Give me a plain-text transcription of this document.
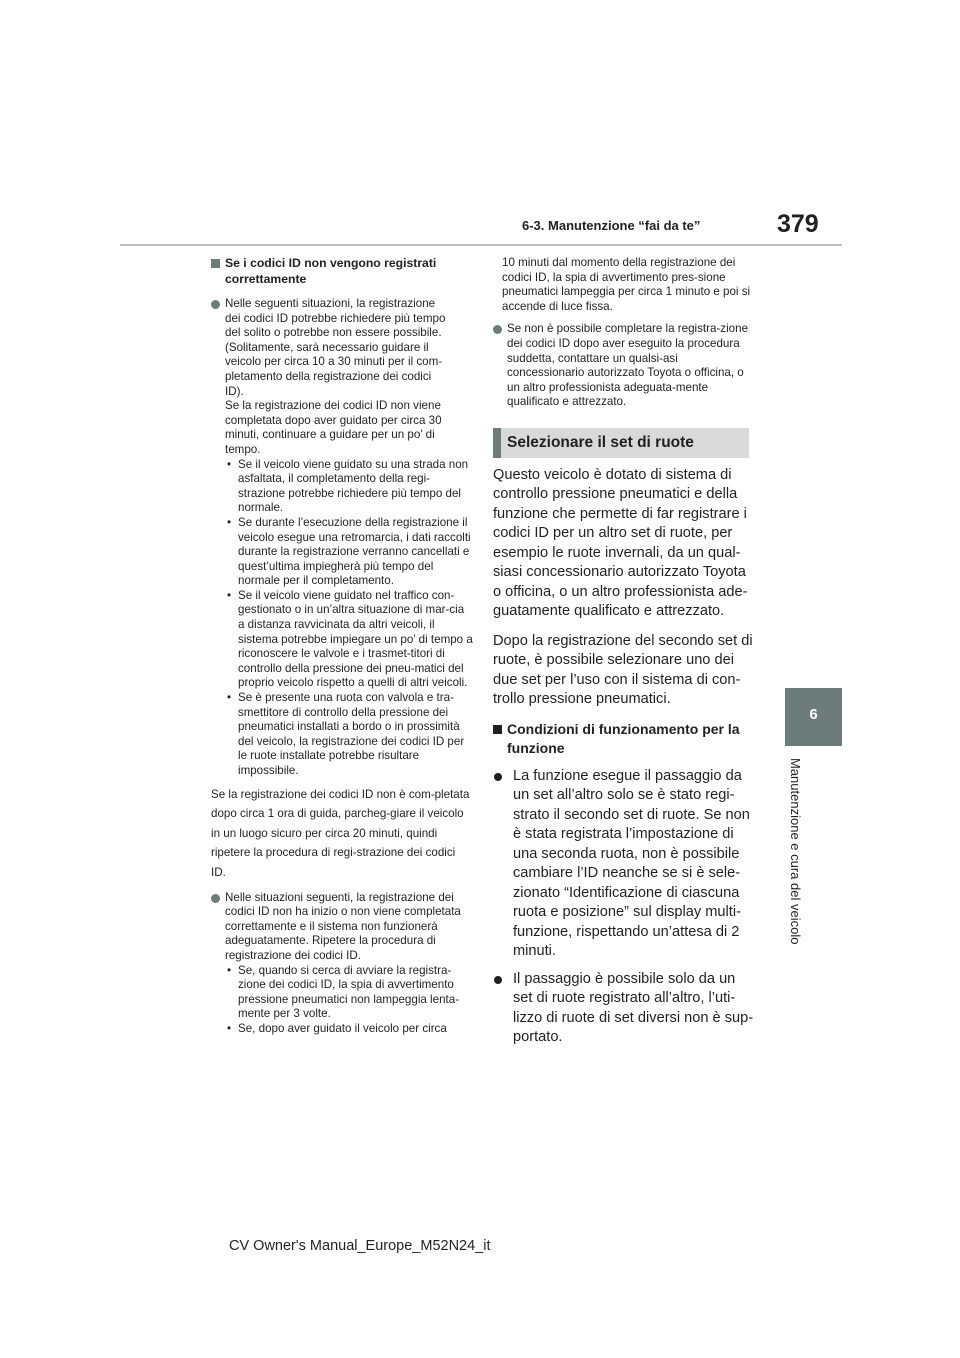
6-3. Manutenzione “fai da te”	379
6
Manutenzione e cura del veicolo
Se i codici ID non vengono registrati correttamente
Nelle seguenti situazioni, la registrazione
dei codici ID potrebbe richiedere più tempo
del solito o potrebbe non essere possibile.
(Solitamente, sarà necessario guidare il
veicolo per circa 10 a 30 minuti per il com-
pletamento della registrazione dei codici
ID).
Se la registrazione dei codici ID non viene
completata dopo aver guidato per circa 30
minuti, continuare a guidare per un po’ di
tempo.
• Se il veicolo viene guidato su una strada non asfaltata, il completamento della regi-strazione potrebbe richiedere più tempo del normale.
• Se durante l’esecuzione della registrazione il veicolo esegue una retromarcia, i dati raccolti durante la registrazione verranno cancellati e quest’ultima impiegherà più tempo del normale per il completamento.
• Se il veicolo viene guidato nel traffico con-gestionato o in un’altra situazione di mar-cia a distanza ravvicinata da altri veicoli, il sistema potrebbe impiegare un po’ di tempo a riconoscere le valvole e i trasmet-titori di controllo della pressione dei pneu-matici del proprio veicolo rispetto a quelli di altri veicoli.
• Se è presente una ruota con valvola e tra-smettitore di controllo della pressione dei pneumatici installati a bordo o in prossimità del veicolo, la registrazione dei codici ID per le ruote installate potrebbe risultare impossibile.
Se la registrazione dei codici ID non è com-pletata dopo circa 1 ora di guida, parcheg-giare il veicolo in un luogo sicuro per circa 20 minuti, quindi ripetere la procedura di regi-strazione dei codici ID.
Nelle situazioni seguenti, la registrazione dei codici ID non ha inizio o non viene completata correttamente e il sistema non funzionerà adeguatamente. Ripetere la procedura di registrazione dei codici ID.
• Se, quando si cerca di avviare la registra-zione dei codici ID, la spia di avvertimento pressione pneumatici non lampeggia lenta-mente per 3 volte.
• Se, dopo aver guidato il veicolo per circa
10 minuti dal momento della registrazione dei codici ID, la spia di avvertimento pres-sione pneumatici lampeggia per circa 1 minuto e poi si accende di luce fissa.
Se non è possibile completare la registra-zione dei codici ID dopo aver eseguito la procedura suddetta, contattare un qualsi-asi concessionario autorizzato Toyota o officina, o un altro professionista adeguata-mente qualificato e attrezzato.
Selezionare il set di ruote

Questo veicolo è dotato di sistema di controllo pressione pneumatici e della funzione che permette di far registrare i codici ID per un altro set di ruote, per esempio le ruote invernali, da un qual-siasi concessionario autorizzato Toyota o officina, o un altro professionista ade-guatamente qualificato e attrezzato.

Dopo la registrazione del secondo set di ruote, è possibile selezionare uno dei due set per l’uso con il sistema di con-trollo pressione pneumatici.

Condizioni di funzionamento per la funzione
La funzione esegue il passaggio da un set all’altro solo se è stato regi-strato il secondo set di ruote. Se non è stata registrata l’impostazione di una seconda ruota, non è possibile cambiare l’ID neanche se si è sele-zionato “Identificazione di ciascuna ruota e posizione” sul display multi-funzione, rispettando un’attesa di 2 minuti.
Il passaggio è possibile solo da un set di ruote registrato all’altro, l’uti-lizzo di ruote di set diversi non è sup-portato.
CV Owner's Manual_Europe_M52N24_it
